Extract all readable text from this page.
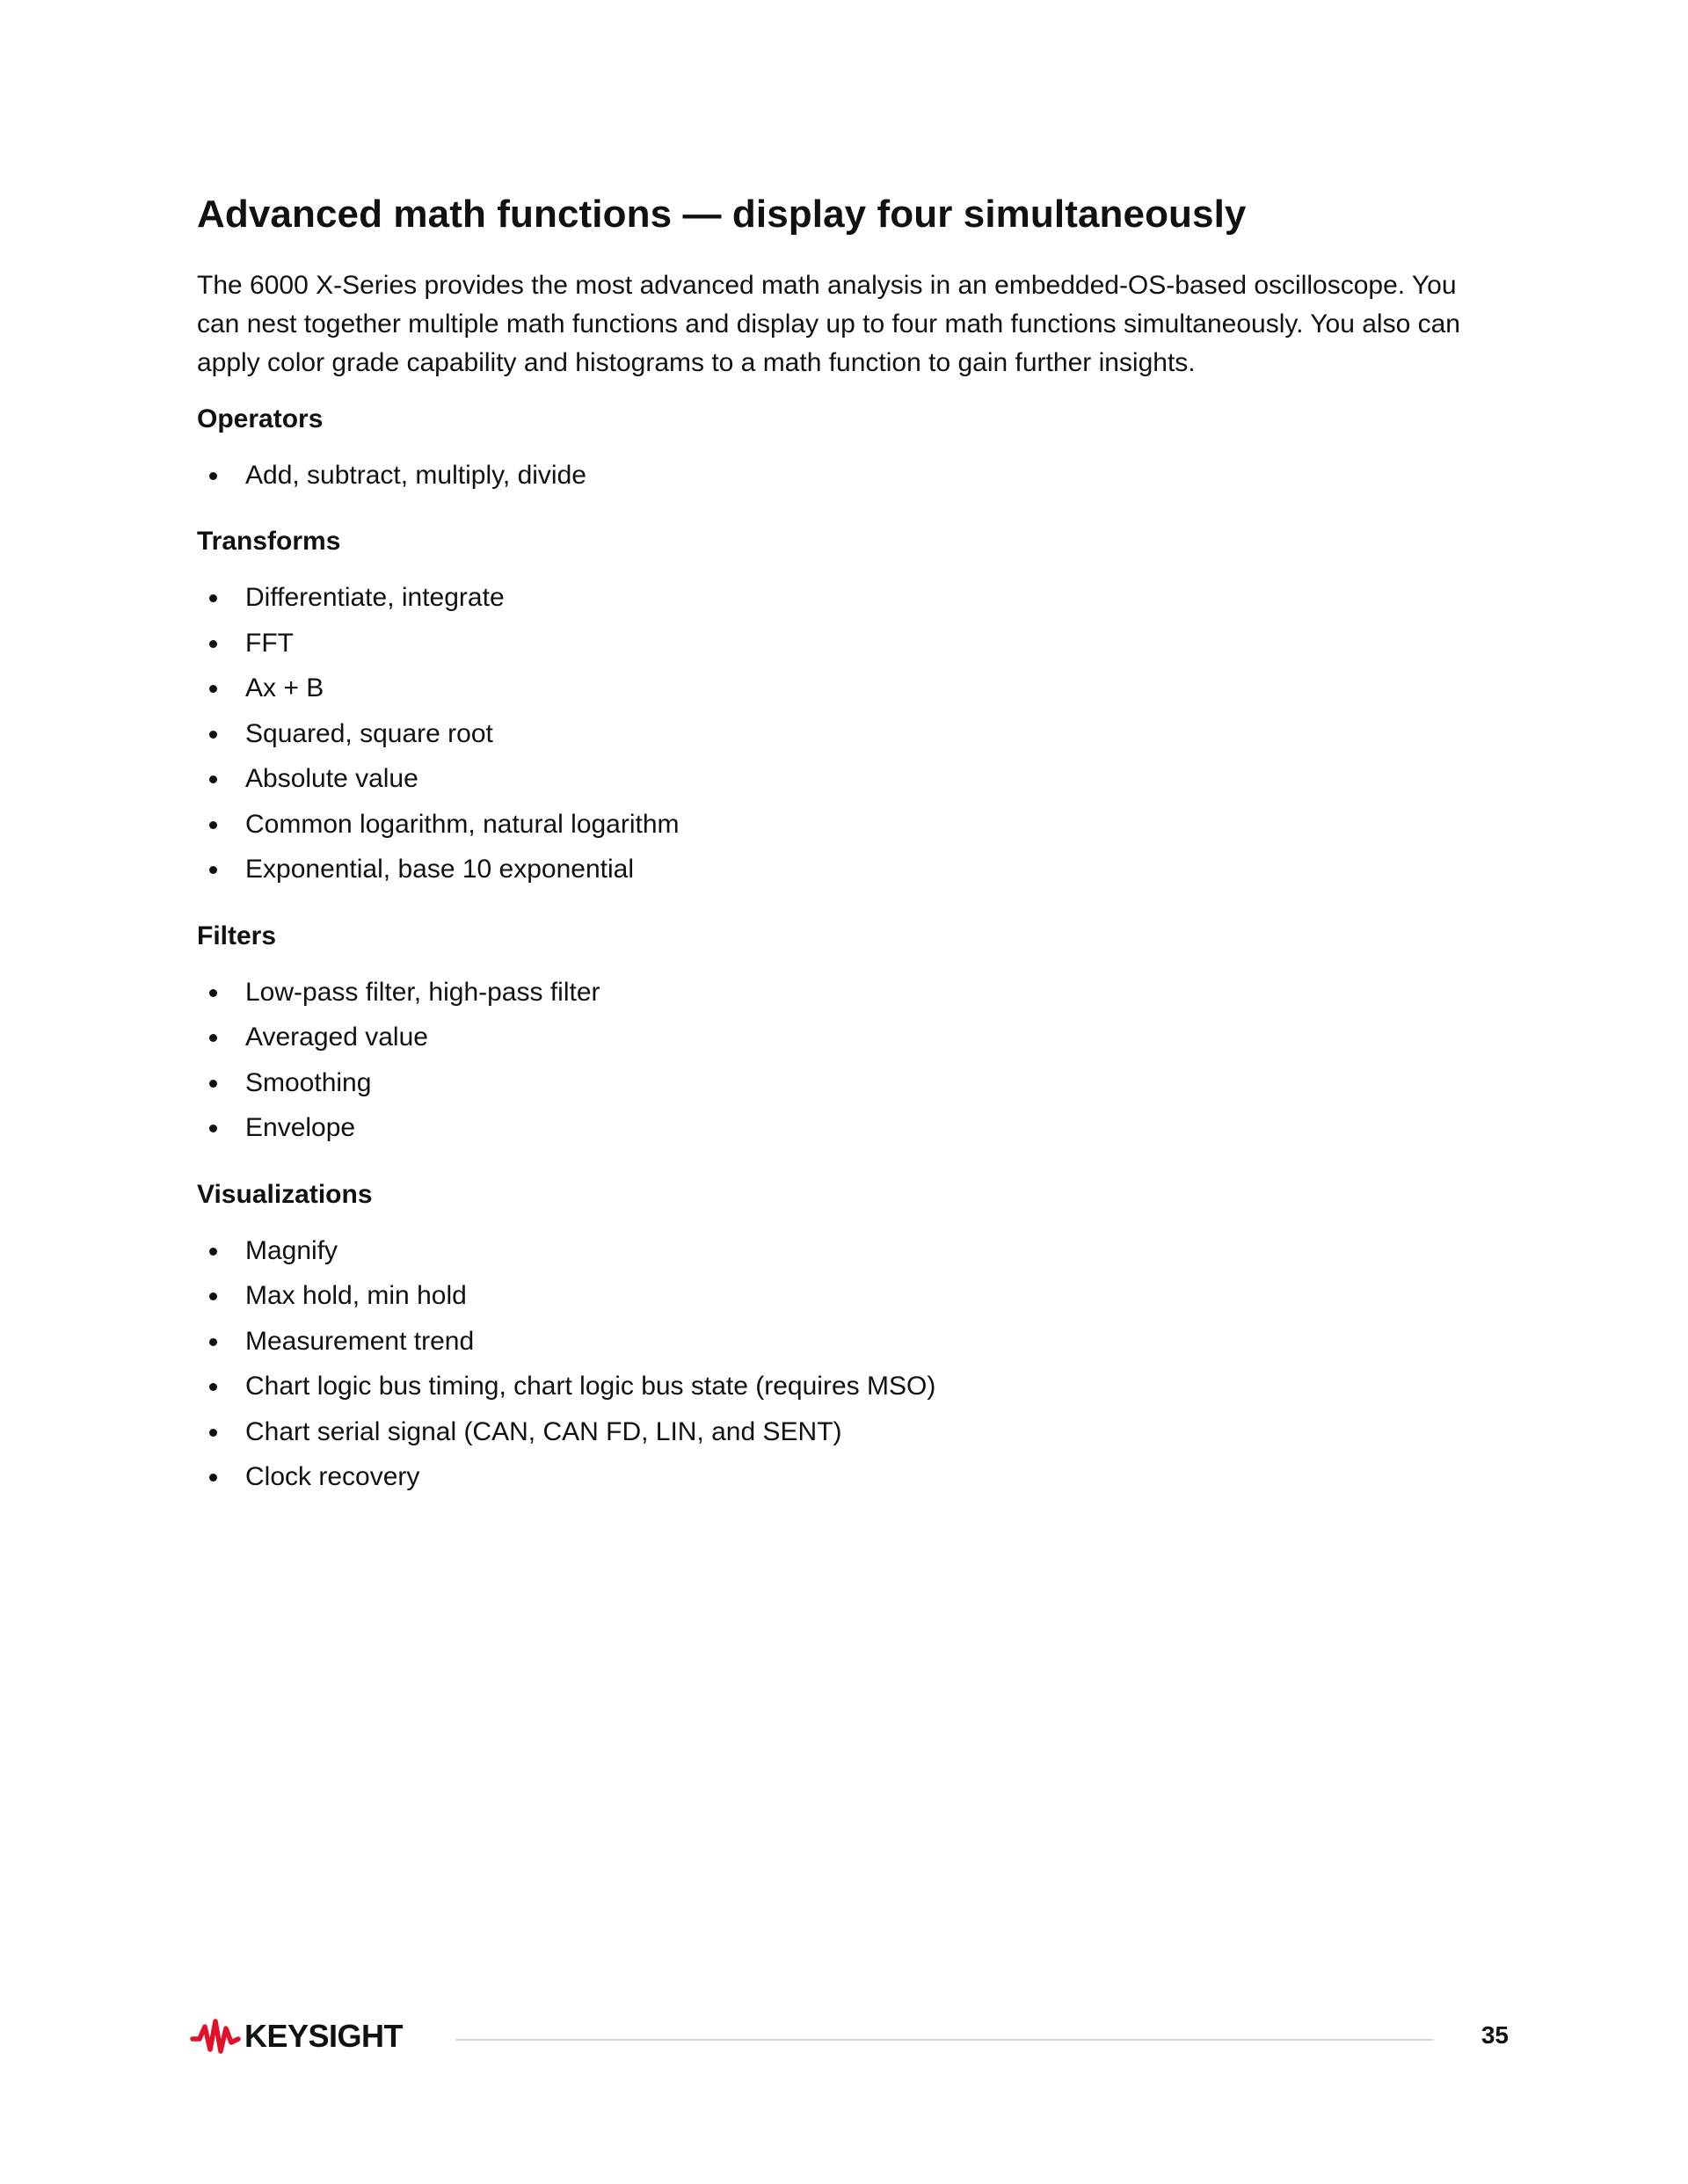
Advanced math functions — display four simultaneously

The 6000 X-Series provides the most advanced math analysis in an embedded-OS-based oscilloscope. You can nest together multiple math functions and display up to four math functions simultaneously. You also can apply color grade capability and histograms to a math function to gain further insights.

Operators
Add, subtract, multiply, divide
Transforms
Differentiate, integrate
FFT
Ax + B
Squared, square root
Absolute value
Common logarithm, natural logarithm
Exponential, base 10 exponential
Filters
Low-pass filter, high-pass filter
Averaged value
Smoothing
Envelope
Visualizations
Magnify
Max hold, min hold
Measurement trend
Chart logic bus timing, chart logic bus state (requires MSO)
Chart serial signal (CAN, CAN FD, LIN, and SENT)
Clock recovery
KEYSIGHT	35
